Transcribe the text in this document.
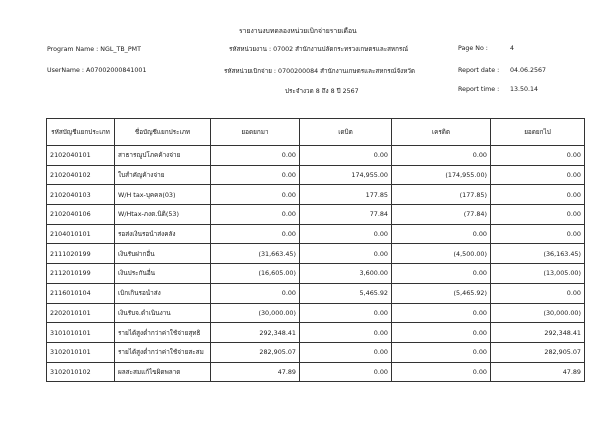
รายงานงบทดลองหน่วยเบิกจ่ายรายเดือน
Program Name : NGL_TB_PMT	รหัสหน่วยงาน : 07002 สำนักงานปลัดกระทรวงเกษตรและสหกรณ์	Page No :	4
UserName : A07002000841001	รหัสหน่วยเบิกจ่าย : 0700200084 สำนักงานเกษตรและสหกรณ์จังหวัด	Report date : 04.06.2567
ประจำงวด 8 ถึง 8 ปี 2567	Report time : 13.50.14
รหัสบัญชีแยกประเภท	ชื่อบัญชีแยกประเภท	ยอดยกมา	เดบิต	เครดิต	ยอดยกไป
2102040101	สาธารณูปโภคค้างจ่าย	0.00	0.00	0.00	0.00
2102040102	ใบสำคัญค้างจ่าย	0.00	174,955.00	(174,955.00)	0.00
2102040103	W/H tax-บุคคล(03)	0.00	177.85	(177.85)	0.00
2102040106	W/Htax-ภงด.นิติ(53)	0.00	77.84	(77.84)	0.00
2104010101	รอส่งเงินรอนำส่งคลัง	0.00	0.00	0.00	0.00
2111020199	เงินรับฝากอื่น	(31,663.45)	0.00	(4,500.00)	(36,163.45)
2112010199	เงินประกันอื่น	(16,605.00)	3,600.00	0.00	(13,005.00)
2116010104	เบิกเกินรอนำส่ง	0.00	5,465.92	(5,465.92)	0.00
2202010101	เงินรับจ.ดำเนินงาน	(30,000.00)	0.00	0.00	(30,000.00)
3101010101	รายได้สูงต่ำกว่าค่าใช้จ่ายสุทธิ	292,348.41	0.00	0.00	292,348.41
3102010101	รายได้สูงต่ำกว่าค่าใช้จ่ายสะสม	282,905.07	0.00	0.00	282,905.07
3102010102	ผลสะสมแก้ไขผิดพลาด	47.89	0.00	0.00	47.89
